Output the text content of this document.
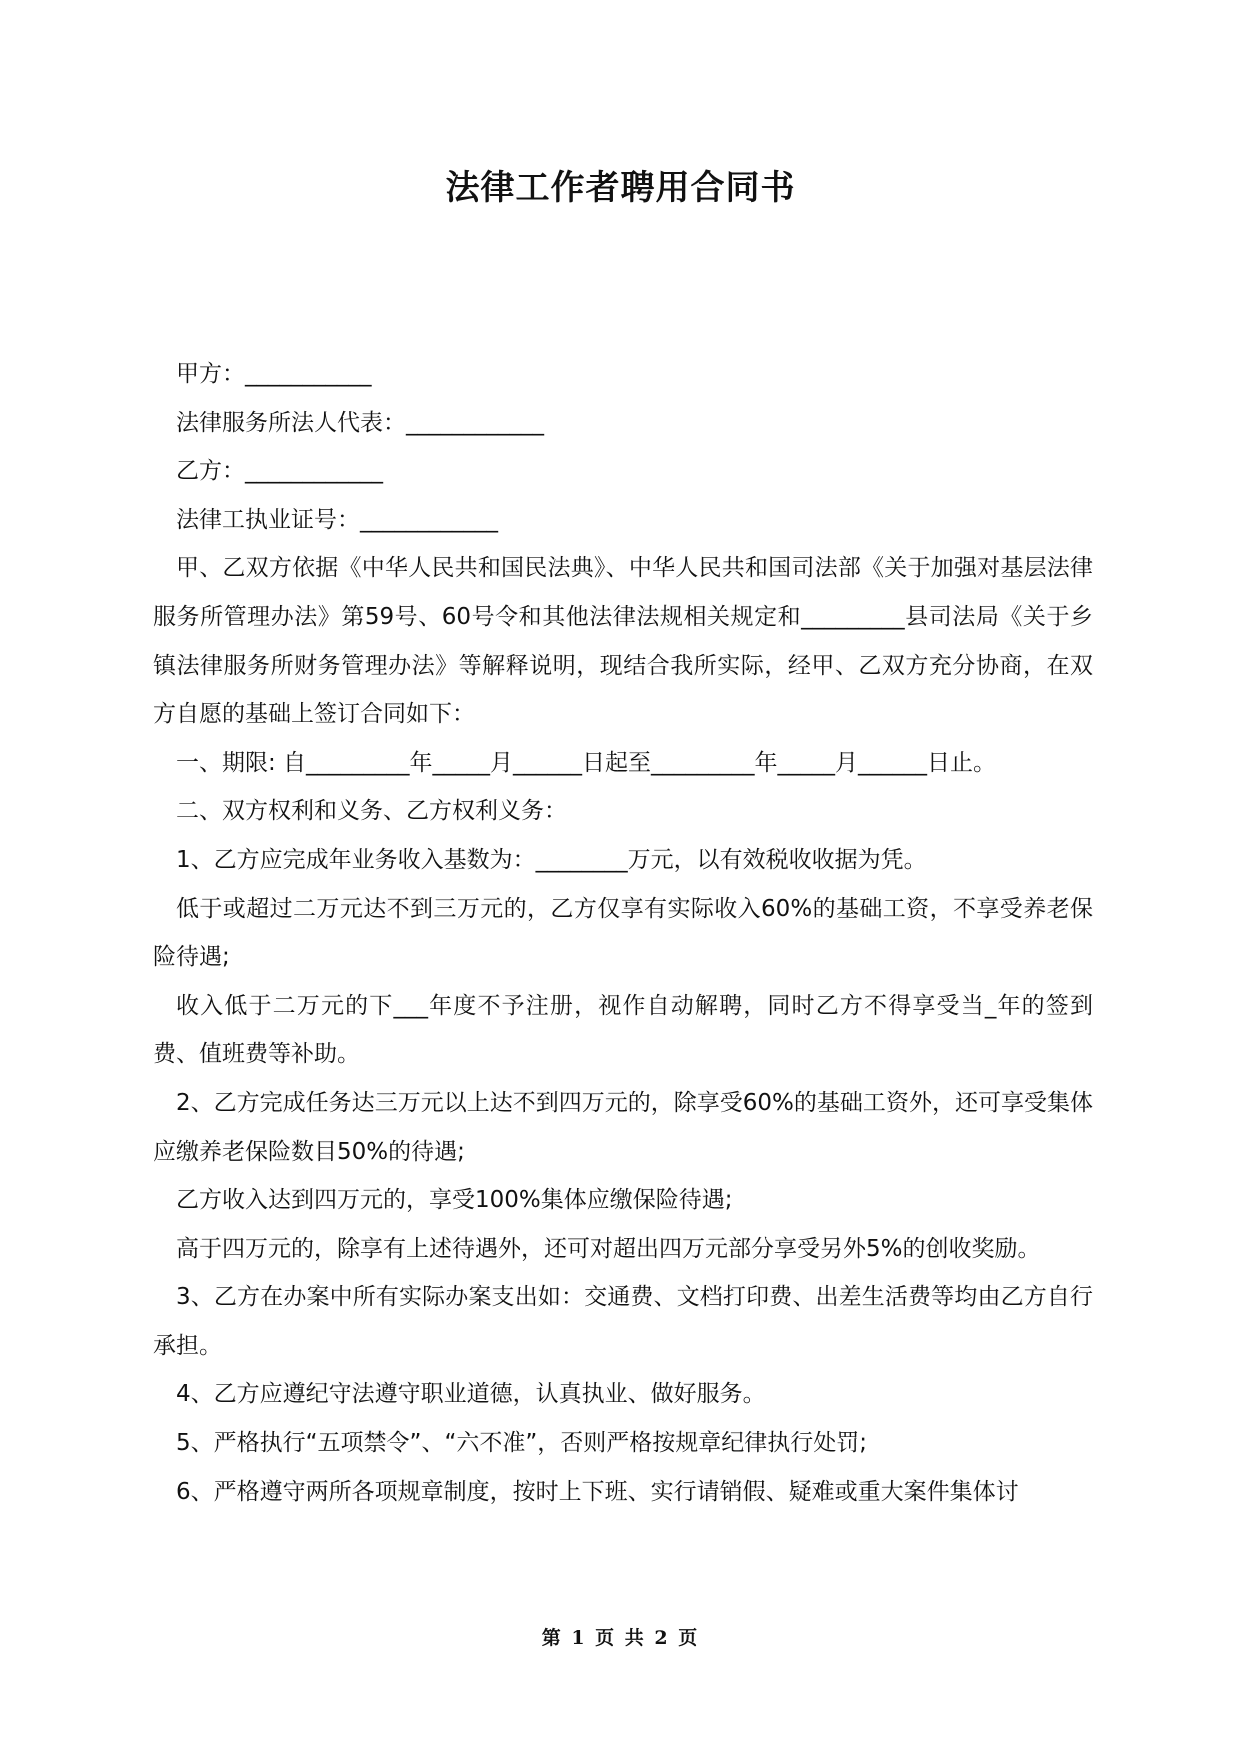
法律工作者聘用合同书

甲方：___________

法律服务所法人代表：____________

乙方：____________

法律工执业证号：____________

甲、乙双方依据《中华人民共和国民法典》、中华人民共和国司法部《关于加强对基层法律服务所管理办法》第59号、60号令和其他法律法规相关规定和_________县司法局《关于乡镇法律服务所财务管理办法》等解释说明，现结合我所实际，经甲、乙双方充分协商，在双方自愿的基础上签订合同如下：

一、期限: 自_________年_____月______日起至_________年_____月______日止。

二、双方权利和义务、乙方权利义务：

1、乙方应完成年业务收入基数为：________万元，以有效税收收据为凭。

低于或超过二万元达不到三万元的，乙方仅享有实际收入60%的基础工资，不享受养老保险待遇;

收入低于二万元的下___年度不予注册，视作自动解聘，同时乙方不得享受当_年的签到费、值班费等补助。

2、乙方完成任务达三万元以上达不到四万元的，除享受60%的基础工资外，还可享受集体应缴养老保险数目50%的待遇;

乙方收入达到四万元的，享受100%集体应缴保险待遇;

高于四万元的，除享有上述待遇外，还可对超出四万元部分享受另外5%的创收奖励。

3、乙方在办案中所有实际办案支出如：交通费、文档打印费、出差生活费等均由乙方自行承担。

4、乙方应遵纪守法遵守职业道德，认真执业、做好服务。

5、严格执行“五项禁令”、“六不准”，否则严格按规章纪律执行处罚;

6、严格遵守两所各项规章制度，按时上下班、实行请销假、疑难或重大案件集体讨

第 1 页 共 2 页
